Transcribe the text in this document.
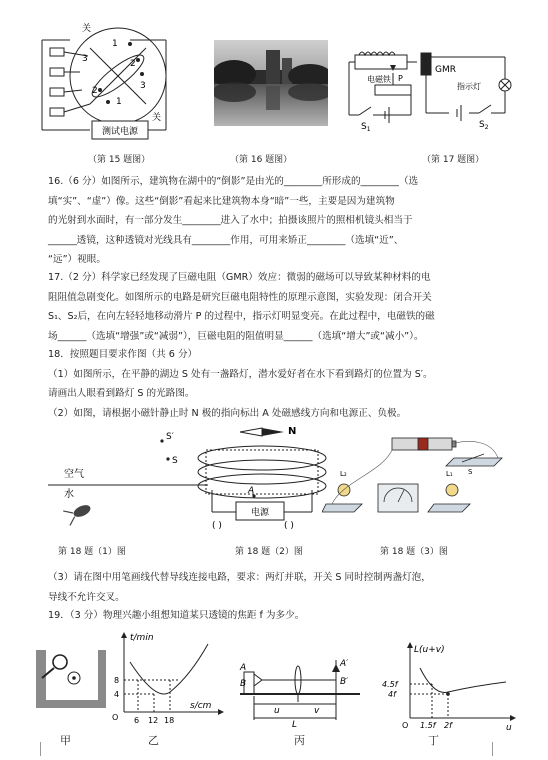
关
关
3
2
1
2
3
1
测试电源
（第 15 题图）	（第 16 题图）
GMR
电磁铁 P
$S_1$	$S_2$
指示灯
（第 17 题图）
16.（6 分）如图所示，建筑物在湖中的“倒影”是由光的________所形成的________（选
填“实”、“虚”）像。这些“倒影”看起来比建筑物本身“暗”一些，主要是因为建筑物
的光射到水面时，有一部分发生________进入了水中；拍摄该照片的照相机镜头相当于
______透镜，这种透镜对光线具有________作用，可用来矫正________（选填“近”、
“远”）视眼。
17.（2 分）科学家已经发现了巨磁电阻（GMR）效应：微弱的磁场可以导致某种材料的电
阻阻值急剧变化。如图所示的电路是研究巨磁电阻特性的原理示意图，实验发现：闭合开关
S₁、S₂后，在向左轻轻地移动滑片 P 的过程中，指示灯明显变亮。在此过程中，电磁铁的磁
场______（选填“增强”或“减弱”），巨磁电阻的阻值明显______（选填“增大”或“减小”）。
18．按照题目要求作图（共 6 分）
（1）如图所示，在平静的湖边 S 处有一盏路灯，潜水爱好者在水下看到路灯的位置为 S′。
请画出人眼看到路灯 S 的光路图。
（2）如图，请根据小磁针静止时 N 极的指向标出 A 处磁感线方向和电源正、负极。
S′
S
空气
水
N
A
电源
( )	( )
L₂	L₁ S
第 18 题（1）图	第 18 题（2）图	第 18 题（3）图
（3）请在图中用笔画线代替导线连接电路，要求：两灯并联，开关 S 同时控制两盏灯泡，
导线不允许交叉。
19．（3 分）物理兴趣小组想知道某只透镜的焦距 f 为多少。
t/min
s/cm
8
4
O 6 12 18
A
B
A′
B′
u	v
L
L(u+v)
u
4.5f
4f
O 1.5f 2f
甲	乙	丙	丁
